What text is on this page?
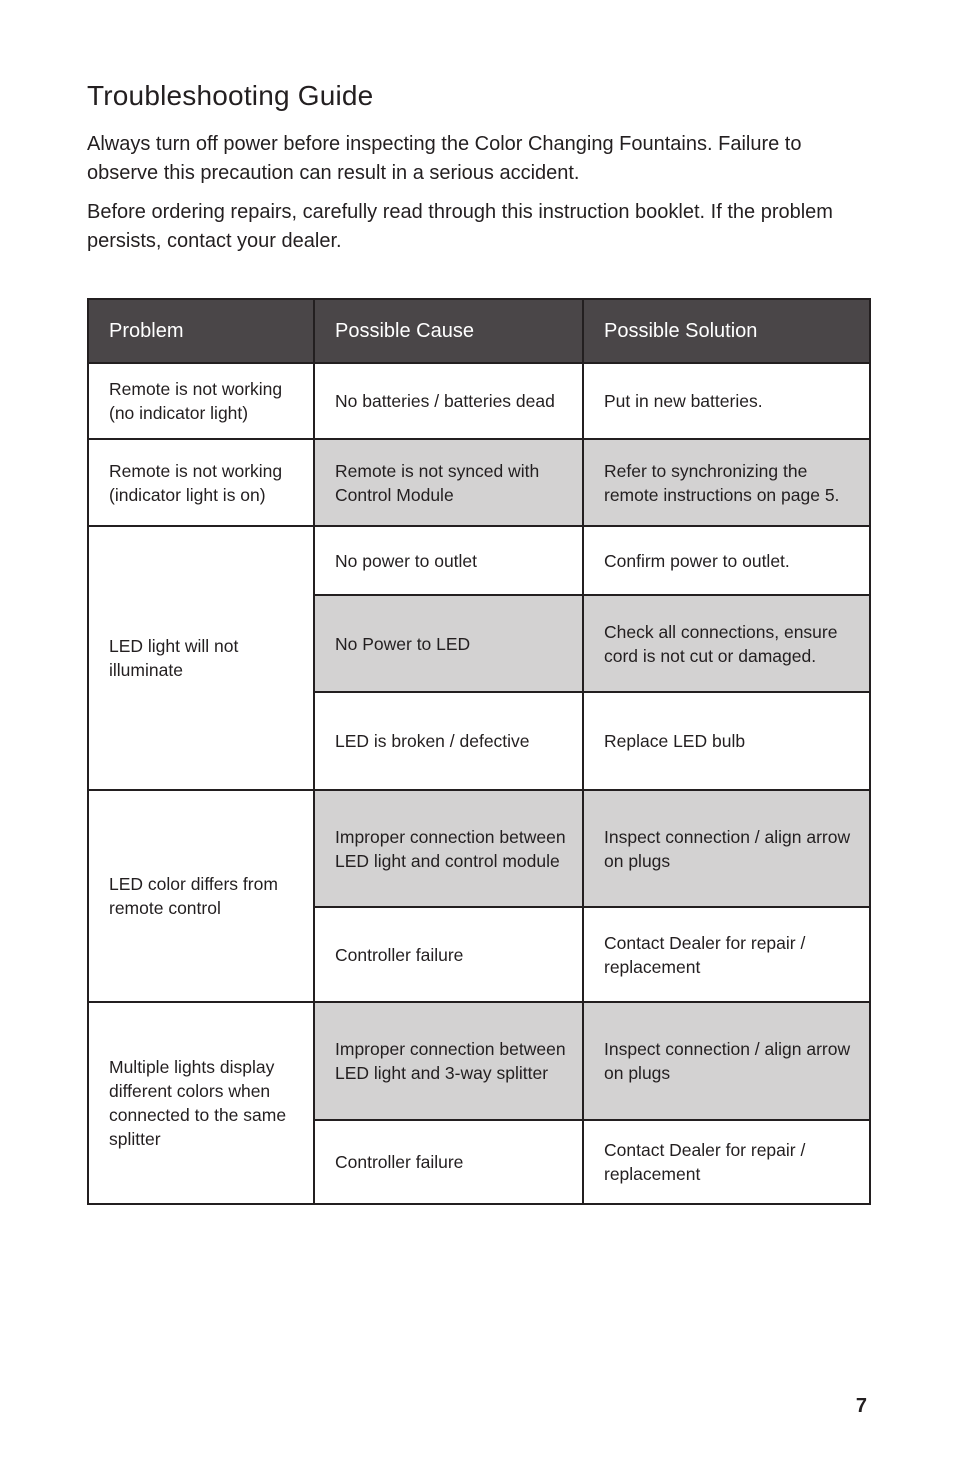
Troubleshooting Guide

Always turn off power before inspecting the Color Changing Fountains. Failure to observe this precaution can result in a serious accident.

Before ordering repairs, carefully read through this instruction booklet. If the problem persists, contact your dealer.

Problem	Possible Cause	Possible Solution
Remote is not working (no indicator light)	No batteries / batteries dead	Put in new batteries.
Remote is not working (indicator light is on)	Remote is not synced with Control Module	Refer to synchronizing the remote instructions on page 5.
LED light will not illuminate	No power to outlet	Confirm power to outlet.
	No Power to LED	Check all connections, ensure cord is not cut or damaged.
	LED is broken / defective	Replace LED bulb
LED color differs from remote control	Improper connection between LED light and control module	Inspect connection / align arrow on plugs
	Controller failure	Contact Dealer for repair / replacement
Multiple lights display different colors when connected to the same splitter	Improper connection between LED light and 3-way splitter	Inspect connection / align arrow on plugs
	Controller failure	Contact Dealer for repair / replacement
7
